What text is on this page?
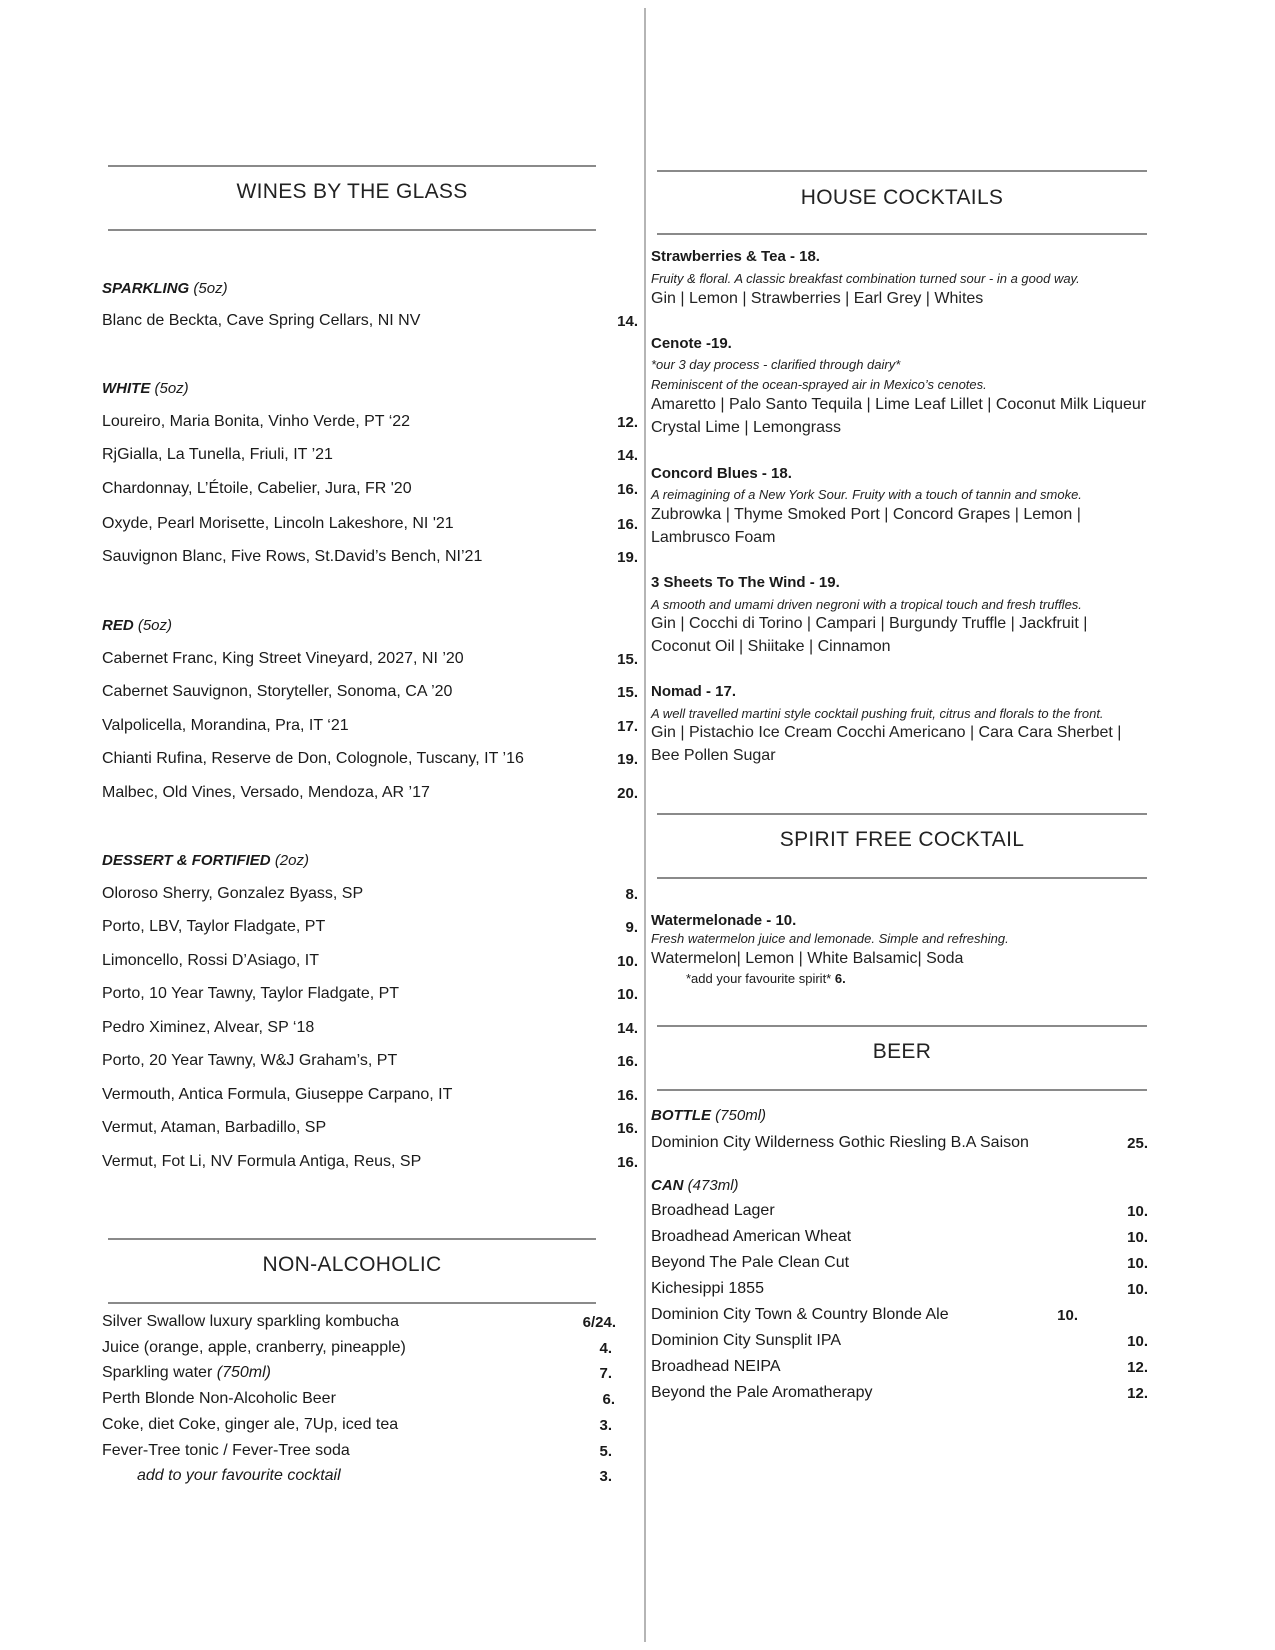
WINES BY THE GLASS
SPARKLING (5oz)
Blanc de Beckta, Cave Spring Cellars, NI NV	14.
WHITE (5oz)
Loureiro, Maria Bonita, Vinho Verde, PT ‘22	12.
RjGialla, La Tunella, Friuli, IT ’21	14.
Chardonnay, L’Étoile, Cabelier, Jura, FR '20	16.
Oxyde, Pearl Morisette, Lincoln Lakeshore, NI '21	16.
Sauvignon Blanc, Five Rows, St.David’s Bench, NI’21	19.
RED (5oz)
Cabernet Franc, King Street Vineyard, 2027, NI ’20	15.
Cabernet Sauvignon, Storyteller, Sonoma, CA ’20	15.
Valpolicella, Morandina, Pra, IT ‘21	17.
Chianti Rufina, Reserve de Don, Colognole, Tuscany, IT ’16	19.
Malbec, Old Vines, Versado, Mendoza, AR ’17	20.
DESSERT & FORTIFIED (2oz)
Oloroso Sherry, Gonzalez Byass, SP	8.
Porto, LBV, Taylor Fladgate, PT	9.
Limoncello, Rossi D’Asiago, IT	10.
Porto, 10 Year Tawny, Taylor Fladgate, PT	10.
Pedro Ximinez, Alvear, SP ‘18	14.
Porto, 20 Year Tawny, W&J Graham’s, PT	16.
Vermouth, Antica Formula, Giuseppe Carpano, IT	16.
Vermut, Ataman, Barbadillo, SP	16.
Vermut, Fot Li, NV Formula Antiga, Reus, SP	16.
NON-ALCOHOLIC
Silver Swallow luxury sparkling kombucha	6/24.
Juice (orange, apple, cranberry, pineapple)	4.
Sparkling water (750ml)	7.
Perth Blonde Non-Alcoholic Beer	6.
Coke, diet Coke, ginger ale, 7Up, iced tea	3.
Fever-Tree tonic / Fever-Tree soda	5.
add to your favourite cocktail	3.
HOUSE COCKTAILS
Strawberries & Tea - 18.
Fruity & floral. A classic breakfast combination turned sour - in a good way.
Gin | Lemon | Strawberries | Earl Grey | Whites
Cenote -19.
*our 3 day process - clarified through dairy*
Reminiscent of the ocean-sprayed air in Mexico’s cenotes.
Amaretto | Palo Santo Tequila | Lime Leaf Lillet | Coconut Milk Liqueur
Crystal Lime | Lemongrass
Concord Blues - 18.
A reimagining of a New York Sour. Fruity with a touch of tannin and smoke.
Zubrowka | Thyme Smoked Port | Concord Grapes | Lemon |
Lambrusco Foam
3 Sheets To The Wind - 19.
A smooth and umami driven negroni with a tropical touch and fresh truffles.
Gin | Cocchi di Torino | Campari | Burgundy Truffle | Jackfruit |
Coconut Oil | Shiitake | Cinnamon
Nomad - 17.
A well travelled martini style cocktail pushing fruit, citrus and florals to the front.
Gin | Pistachio Ice Cream Cocchi Americano | Cara Cara Sherbet |
Bee Pollen Sugar
SPIRIT FREE COCKTAIL
Watermelonade - 10.
Fresh watermelon juice and lemonade. Simple and refreshing.
Watermelon| Lemon | White Balsamic| Soda
*add your favourite spirit* 6.
BEER
BOTTLE (750ml)
Dominion City Wilderness Gothic Riesling B.A Saison	25.
CAN (473ml)
Broadhead Lager	10.
Broadhead American Wheat	10.
Beyond The Pale Clean Cut	10.
Kichesippi 1855	10.
Dominion City Town & Country Blonde Ale	10.
Dominion City Sunsplit IPA	10.
Broadhead NEIPA	12.
Beyond the Pale Aromatherapy	12.
